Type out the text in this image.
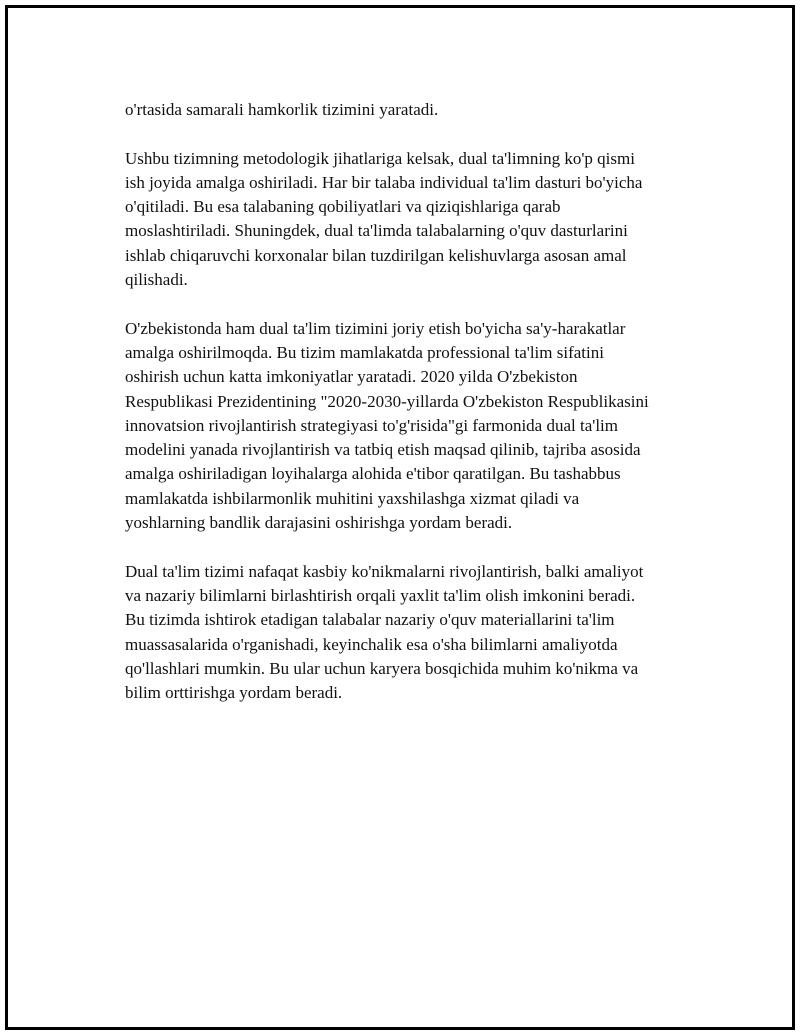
o'rtasida samarali hamkorlik tizimini yaratadi.

Ushbu tizimning metodologik jihatlariga kelsak, dual ta'limning ko'p qismi
ish joyida amalga oshiriladi. Har bir talaba individual ta'lim dasturi bo'yicha
o'qitiladi. Bu esa talabaning qobiliyatlari va qiziqishlariga qarab
moslashtiriladi. Shuningdek, dual ta'limda talabalarning o'quv dasturlarini
ishlab chiqaruvchi korxonalar bilan tuzdirilgan kelishuvlarga asosan amal
qilishadi.

O'zbekistonda ham dual ta'lim tizimini joriy etish bo'yicha sa'y-harakatlar
amalga oshirilmoqda. Bu tizim mamlakatda professional ta'lim sifatini
oshirish uchun katta imkoniyatlar yaratadi. 2020 yilda O'zbekiston
Respublikasi Prezidentining "2020-2030-yillarda O'zbekiston Respublikasini
innovatsion rivojlantirish strategiyasi to'g'risida"gi farmonida dual ta'lim
modelini yanada rivojlantirish va tatbiq etish maqsad qilinib, tajriba asosida
amalga oshiriladigan loyihalarga alohida e'tibor qaratilgan. Bu tashabbus
mamlakatda ishbilarmonlik muhitini yaxshilashga xizmat qiladi va
yoshlarning bandlik darajasini oshirishga yordam beradi.

Dual ta'lim tizimi nafaqat kasbiy ko'nikmalarni rivojlantirish, balki amaliyot
va nazariy bilimlarni birlashtirish orqali yaxlit ta'lim olish imkonini beradi.
Bu tizimda ishtirok etadigan talabalar nazariy o'quv materiallarini ta'lim
muassasalarida o'rganishadi, keyinchalik esa o'sha bilimlarni amaliyotda
qo'llashlari mumkin. Bu ular uchun karyera bosqichida muhim ko'nikma va
bilim orttirishga yordam beradi.
